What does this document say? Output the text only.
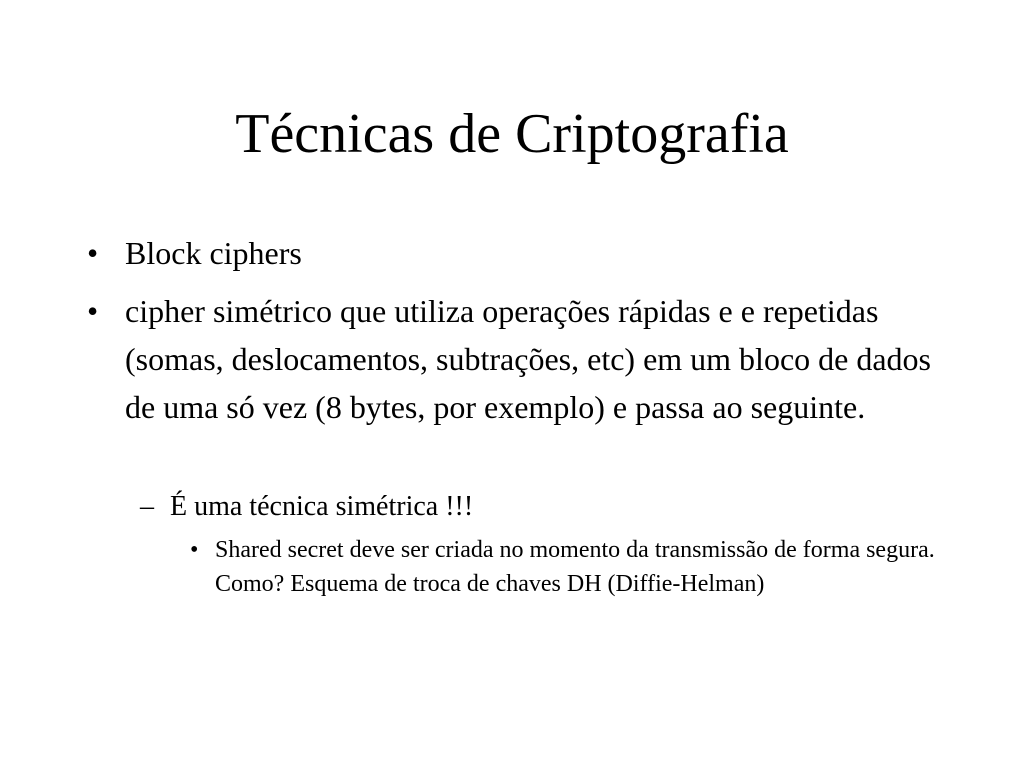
Técnicas de Criptografia

• Block ciphers

• cipher simétrico que utiliza operações rápidas e e repetidas (somas, deslocamentos, subtrações, etc) em um bloco de dados de uma só vez (8 bytes, por exemplo) e passa ao seguinte.

– É uma técnica simétrica !!!

• Shared secret deve ser criada no momento da transmissão de forma segura. Como? Esquema de troca de chaves DH (Diffie-Helman)
